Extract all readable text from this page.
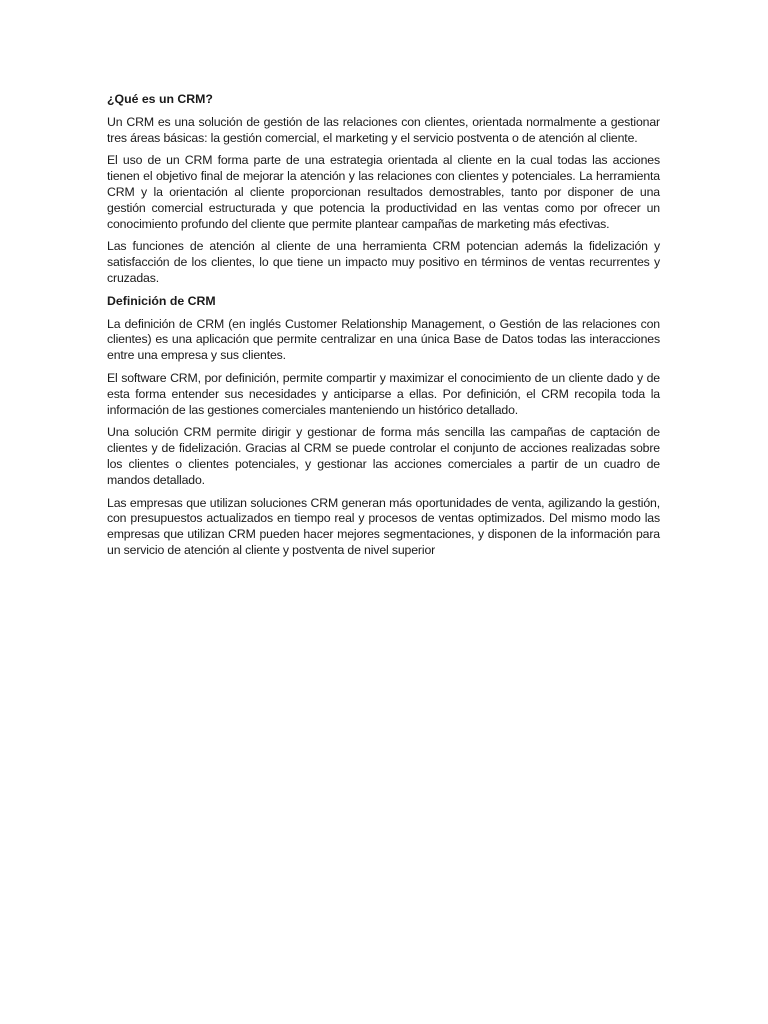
¿Qué es un CRM?

Un CRM es una solución de gestión de las relaciones con clientes, orientada normalmente a gestionar tres áreas básicas: la gestión comercial, el marketing y el servicio postventa o de atención al cliente.

El uso de un CRM forma parte de una estrategia orientada al cliente en la cual todas las acciones tienen el objetivo final de mejorar la atención y las relaciones con clientes y potenciales. La herramienta CRM y la orientación al cliente proporcionan resultados demostrables, tanto por disponer de una gestión comercial estructurada y que potencia la productividad en las ventas como por ofrecer un conocimiento profundo del cliente que permite plantear campañas de marketing más efectivas.

Las funciones de atención al cliente de una herramienta CRM potencian además la fidelización y satisfacción de los clientes, lo que tiene un impacto muy positivo en términos de ventas recurrentes y cruzadas.

Definición de CRM

La definición de CRM (en inglés Customer Relationship Management, o Gestión de las relaciones con clientes) es una aplicación que permite centralizar en una única Base de Datos todas las interacciones entre una empresa y sus clientes.

El software CRM, por definición, permite compartir y maximizar el conocimiento de un cliente dado y de esta forma entender sus necesidades y anticiparse a ellas. Por definición, el CRM recopila toda la información de las gestiones comerciales manteniendo un histórico detallado.

Una solución CRM permite dirigir y gestionar de forma más sencilla las campañas de captación de clientes y de fidelización. Gracias al CRM se puede controlar el conjunto de acciones realizadas sobre los clientes o clientes potenciales, y gestionar las acciones comerciales a partir de un cuadro de mandos detallado.

Las empresas que utilizan soluciones CRM generan más oportunidades de venta, agilizando la gestión, con presupuestos actualizados en tiempo real y procesos de ventas optimizados. Del mismo modo las empresas que utilizan CRM pueden hacer mejores segmentaciones, y disponen de la información para un servicio de atención al cliente y postventa de nivel superior
